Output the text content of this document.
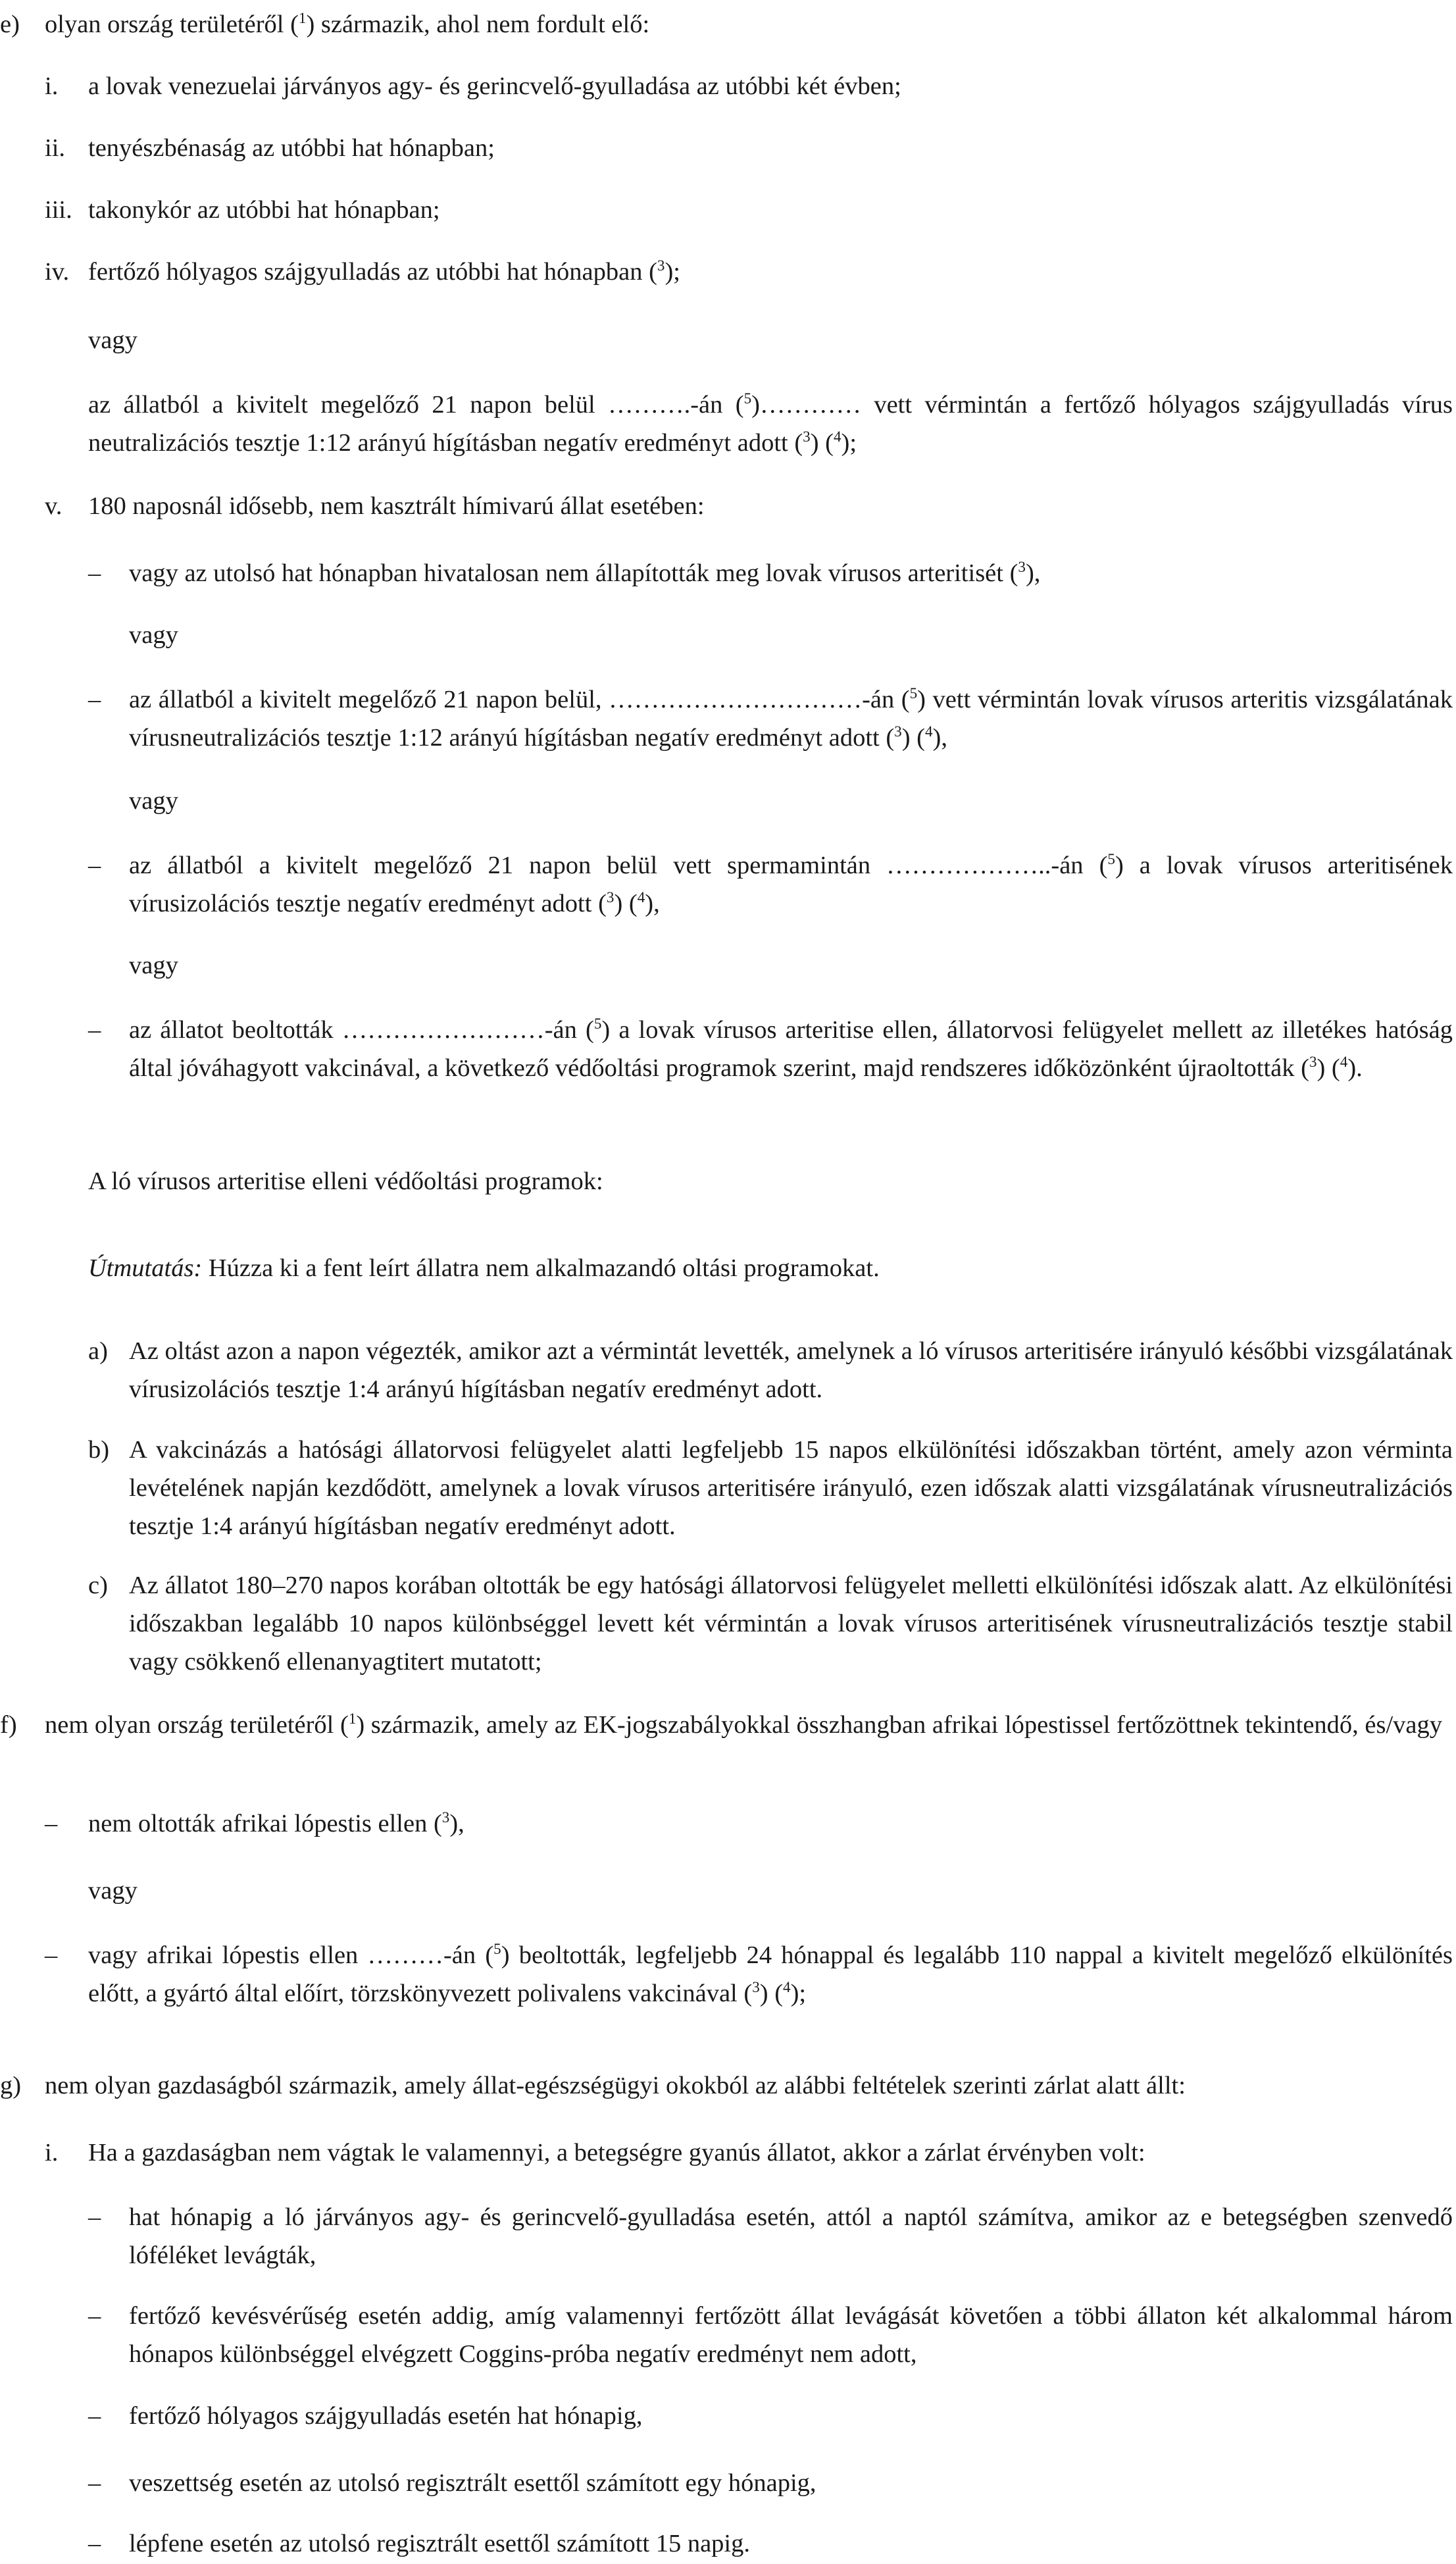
e) olyan ország területéről ($^1$) származik, ahol nem fordult elő:
i. a lovak venezuelai járványos agy- és gerincvelő-gyulladása az utóbbi két évben;
ii. tenyészbénaság az utóbbi hat hónapban;
iii. takonykór az utóbbi hat hónapban;
iv. fertőző hólyagos szájgyulladás az utóbbi hat hónapban ($^3$);
vagy
az állatból a kivitelt megelőző 21 napon belül ……….-án ($^5$)………… vett vérmintán a fertőző hólyagos szájgyulladás vírus neutralizációs tesztje 1:12 arányú hígításban negatív eredményt adott ($^3$) ($^4$);
v. 180 naposnál idősebb, nem kasztrált hímivarú állat esetében:
– vagy az utolsó hat hónapban hivatalosan nem állapították meg lovak vírusos arteritisét ($^3$),
vagy
– az állatból a kivitelt megelőző 21 napon belül, …………………………-án ($^5$) vett vérmintán lovak vírusos arteritis vizsgálatának vírusneutralizációs tesztje 1:12 arányú hígításban negatív eredményt adott ($^3$) ($^4$),
vagy
– az állatból a kivitelt megelőző 21 napon belül vett spermamintán ………………..-án ($^5$) a lovak vírusos arteritisének vírusizolációs tesztje negatív eredményt adott ($^3$) ($^4$),
vagy
– az állatot beoltották ……………………-án ($^5$) a lovak vírusos arteritise ellen, állatorvosi felügyelet mellett az illetékes hatóság által jóváhagyott vakcinával, a következő védőoltási programok szerint, majd rendszeres időközönként újraoltották ($^3$) ($^4$).
A ló vírusos arteritise elleni védőoltási programok:
Útmutatás: Húzza ki a fent leírt állatra nem alkalmazandó oltási programokat.
a) Az oltást azon a napon végezték, amikor azt a vérmintát levették, amelynek a ló vírusos arteritisére irányuló későbbi vizsgálatának vírusizolációs tesztje 1:4 arányú hígításban negatív eredményt adott.
b) A vakcinázás a hatósági állatorvosi felügyelet alatti legfeljebb 15 napos elkülönítési időszakban történt, amely azon vérminta levételének napján kezdődött, amelynek a lovak vírusos arteritisére irányuló, ezen időszak alatti vizsgálatának vírusneutralizációs tesztje 1:4 arányú hígításban negatív eredményt adott.
c) Az állatot 180–270 napos korában oltották be egy hatósági állatorvosi felügyelet melletti elkülönítési időszak alatt. Az elkülönítési időszakban legalább 10 napos különbséggel levett két vérmintán a lovak vírusos arteritisének vírusneutralizációs tesztje stabil vagy csökkenő ellenanyagtitert mutatott;
f) nem olyan ország területéről ($^1$) származik, amely az EK-jogszabályokkal összhangban afrikai lópestissel fertőzöttnek tekintendő, és/vagy
– nem oltották afrikai lópestis ellen ($^3$),
vagy
– vagy afrikai lópestis ellen ………-án ($^5$) beoltották, legfeljebb 24 hónappal és legalább 110 nappal a kivitelt megelőző elkülönítés előtt, a gyártó által előírt, törzskönyvezett polivalens vakcinával ($^3$) ($^4$);
g) nem olyan gazdaságból származik, amely állat-egészségügyi okokból az alábbi feltételek szerinti zárlat alatt állt:
i. Ha a gazdaságban nem vágtak le valamennyi, a betegségre gyanús állatot, akkor a zárlat érvényben volt:
– hat hónapig a ló járványos agy- és gerincvelő-gyulladása esetén, attól a naptól számítva, amikor az e betegségben szenvedő lóféléket levágták,
– fertőző kevésvérűség esetén addig, amíg valamennyi fertőzött állat levágását követően a többi állaton két alkalommal három hónapos különbséggel elvégzett Coggins-próba negatív eredményt nem adott,
– fertőző hólyagos szájgyulladás esetén hat hónapig,
– veszettség esetén az utolsó regisztrált esettől számított egy hónapig,
– lépfene esetén az utolsó regisztrált esettől számított 15 napig.
